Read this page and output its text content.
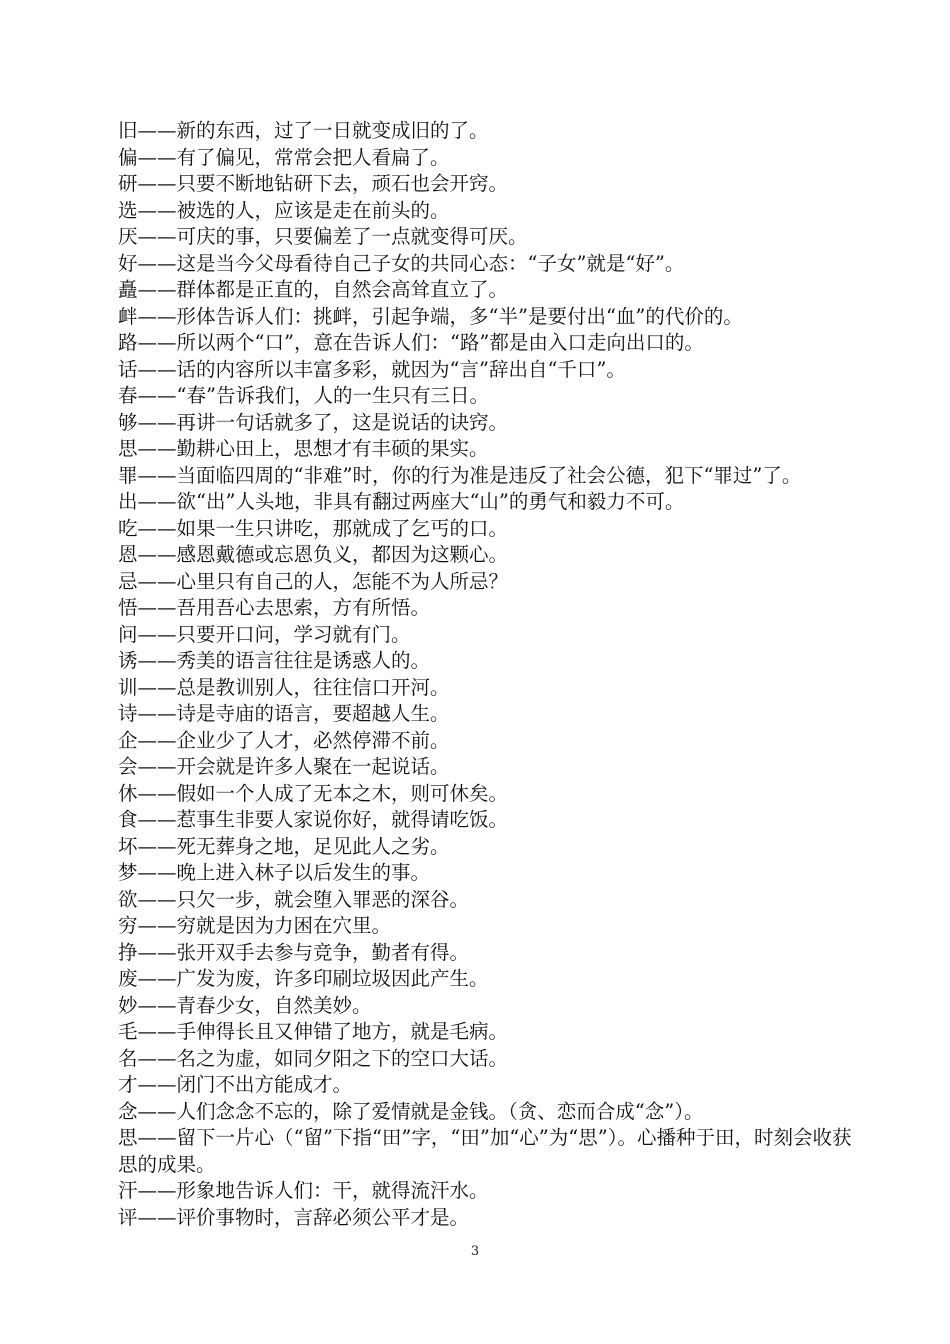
旧——新的东西，过了一日就变成旧的了。

偏——有了偏见，常常会把人看扁了。

研——只要不断地钻研下去，顽石也会开窍。

选——被选的人，应该是走在前头的。

厌——可庆的事，只要偏差了一点就变得可厌。

好——这是当今父母看待自己子女的共同心态：“子女”就是“好”。

矗——群体都是正直的，自然会高耸直立了。

衅——形体告诉人们：挑衅，引起争端，多“半”是要付出“血”的代价的。

路——所以两个“口”，意在告诉人们：“路”都是由入口走向出口的。

话——话的内容所以丰富多彩，就因为“言”辞出自“千口”。

春——“春”告诉我们，人的一生只有三日。

够——再讲一句话就多了，这是说话的诀窍。

思——勤耕心田上，思想才有丰硕的果实。

罪——当面临四周的“非难”时，你的行为准是违反了社会公德，犯下“罪过”了。

出——欲“出”人头地，非具有翻过两座大“山”的勇气和毅力不可。

吃——如果一生只讲吃，那就成了乞丐的口。

恩——感恩戴德或忘恩负义，都因为这颗心。

忌——心里只有自己的人，怎能不为人所忌？

悟——吾用吾心去思索，方有所悟。

问——只要开口问，学习就有门。

诱——秀美的语言往往是诱惑人的。

训——总是教训别人，往往信口开河。

诗——诗是寺庙的语言，要超越人生。

企——企业少了人才，必然停滞不前。

会——开会就是许多人聚在一起说话。

休——假如一个人成了无本之木，则可休矣。

食——惹事生非要人家说你好，就得请吃饭。

坏——死无葬身之地，足见此人之劣。

梦——晚上进入林子以后发生的事。

欲——只欠一步，就会堕入罪恶的深谷。

穷——穷就是因为力困在穴里。

挣——张开双手去参与竞争，勤者有得。

废——广发为废，许多印刷垃圾因此产生。

妙——青春少女，自然美妙。

毛——手伸得长且又伸错了地方，就是毛病。

名——名之为虚，如同夕阳之下的空口大话。

才——闭门不出方能成才。

念——人们念念不忘的，除了爱情就是金钱。（贪、恋而合成“念”）。

思——留下一片心（“留”下指“田”字，“田”加“心”为“思”）。心播种于田，时刻会收获思的成果。

汗——形象地告诉人们：干，就得流汗水。

评——评价事物时，言辞必须公平才是。

3
